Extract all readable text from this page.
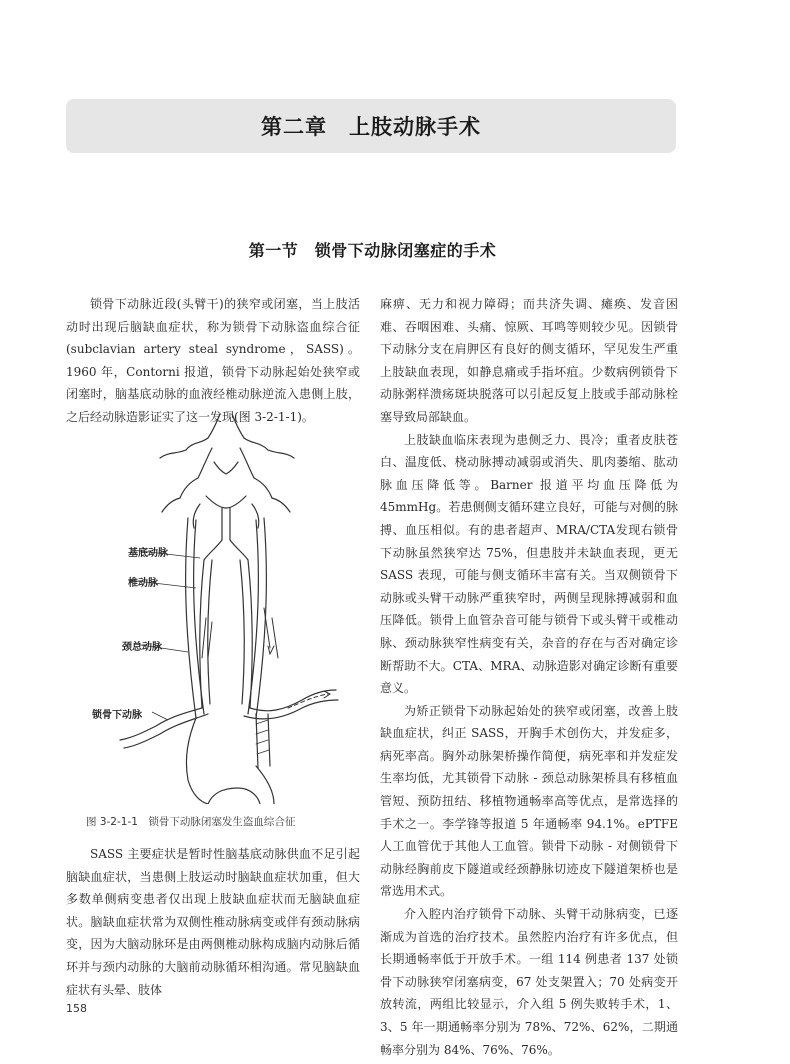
第二章　上肢动脉手术
第一节　锁骨下动脉闭塞症的手术

锁骨下动脉近段(头臂干)的狭窄或闭塞，当上肢活动时出现后脑缺血症状，称为锁骨下动脉盗血综合征(subclavian artery steal syndrome，SASS)。1960 年，Contorni 报道，锁骨下动脉起始处狭窄或闭塞时，脑基底动脉的血液经椎动脉逆流入患侧上肢，之后经动脉造影证实了这一发现(图 3-2-1-1)。

基底动脉
椎动脉
颈总动脉
锁骨下动脉
图 3-2-1-1　锁骨下动脉闭塞发生盗血综合征

SASS 主要症状是暂时性脑基底动脉供血不足引起脑缺血症状，当患侧上肢运动时脑缺血症状加重，但大多数单侧病变患者仅出现上肢缺血症状而无脑缺血症状。脑缺血症状常为双侧性椎动脉病变或伴有颈动脉病变，因为大脑动脉环是由两侧椎动脉构成脑内动脉后循环并与颈内动脉的大脑前动脉循环相沟通。常见脑缺血症状有头晕、肢体

麻痹、无力和视力障碍；而共济失调、瘫痪、发音困难、吞咽困难、头痛、惊厥、耳鸣等则较少见。因锁骨下动脉分支在肩胛区有良好的侧支循环，罕见发生严重上肢缺血表现，如静息痛或手指坏疽。少数病例锁骨下动脉粥样溃疡斑块脱落可以引起反复上肢或手部动脉栓塞导致局部缺血。

上肢缺血临床表现为患侧乏力、畏冷；重者皮肤苍白、温度低、桡动脉搏动减弱或消失、肌肉萎缩、肱动脉血压降低等。Barner 报道平均血压降低为 45mmHg。若患侧侧支循环建立良好，可能与对侧的脉搏、血压相似。有的患者超声、MRA/CTA发现右锁骨下动脉虽然狭窄达 75%，但患肢并未缺血表现，更无 SASS 表现，可能与侧支循环丰富有关。当双侧锁骨下动脉或头臂干动脉严重狭窄时，两侧呈现脉搏减弱和血压降低。锁骨上血管杂音可能与锁骨下或头臂干或椎动脉、颈动脉狭窄性病变有关，杂音的存在与否对确定诊断帮助不大。CTA、MRA、动脉造影对确定诊断有重要意义。

为矫正锁骨下动脉起始处的狭窄或闭塞，改善上肢缺血症状，纠正 SASS，开胸手术创伤大，并发症多，病死率高。胸外动脉架桥操作简便，病死率和并发症发生率均低，尤其锁骨下动脉 - 颈总动脉架桥具有移植血管短、预防扭结、移植物通畅率高等优点，是常选择的手术之一。李学锋等报道 5 年通畅率 94.1%。ePTFE 人工血管优于其他人工血管。锁骨下动脉 - 对侧锁骨下动脉经胸前皮下隧道或经颈静脉切迹皮下隧道架桥也是常选用术式。

介入腔内治疗锁骨下动脉、头臂干动脉病变，已逐渐成为首选的治疗技术。虽然腔内治疗有许多优点，但长期通畅率低于开放手术。一组 114 例患者 137 处锁骨下动脉狭窄闭塞病变，67 处支架置入；70 处病变开放转流，两组比较显示，介入组 5 例失败转手术，1、3、5 年一期通畅率分别为 78%、72%、62%，二期通畅率分别为 84%、76%、76%。

158
